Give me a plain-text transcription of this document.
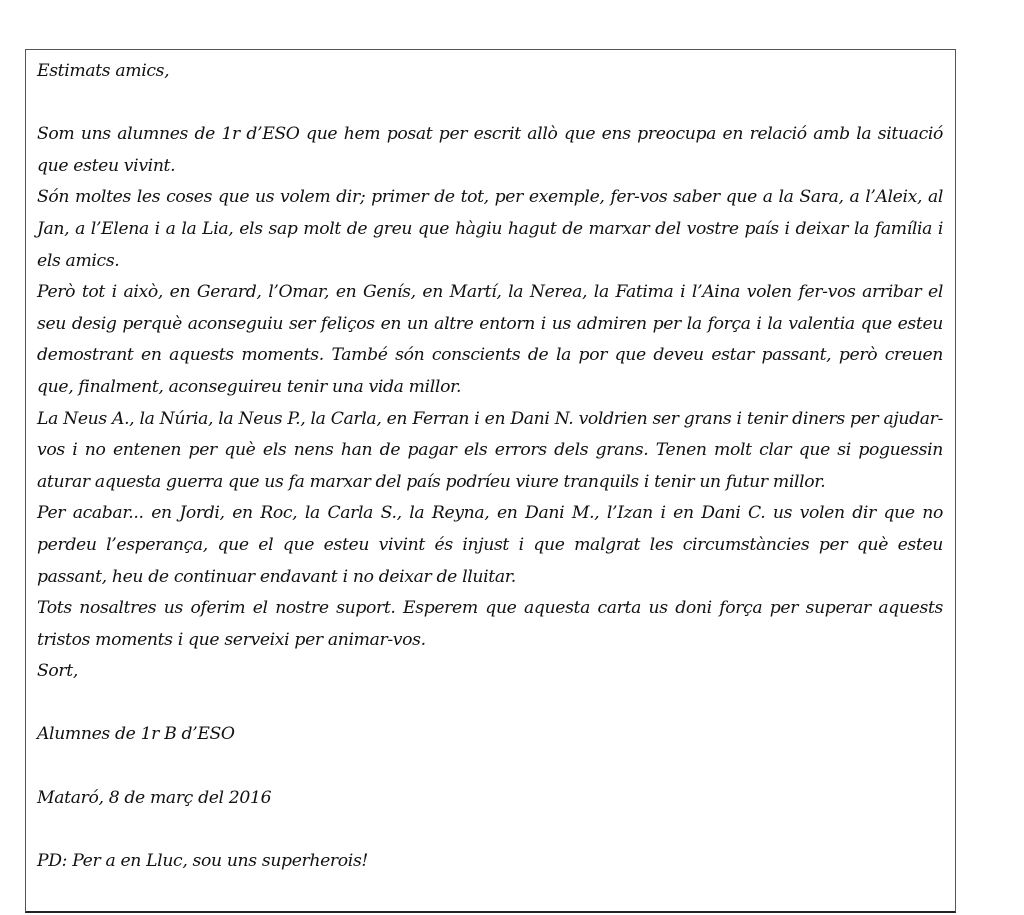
Estimats amics,

Som uns alumnes de 1r d’ESO que hem posat per escrit allò que ens preocupa en relació amb la situació que esteu vivint.

Són moltes les coses que us volem dir; primer de tot, per exemple, fer-vos saber que a la Sara, a l’Aleix, al Jan, a l’Elena i a la Lia, els sap molt de greu que hàgiu hagut de marxar del vostre país i deixar la família i els amics.

Però tot i això, en Gerard, l’Omar, en Genís, en Martí, la Nerea, la Fatima i l’Aina volen fer-vos arribar el seu desig perquè aconseguiu ser feliços en un altre entorn i us admiren per la força i la valentia que esteu demostrant en aquests moments. També són conscients de la por que deveu estar passant, però creuen que, finalment, aconseguireu tenir una vida millor.

La Neus A., la Núria, la Neus P., la Carla, en Ferran i en Dani N. voldrien ser grans i tenir diners per ajudar-vos i no entenen per què els nens han de pagar els errors dels grans. Tenen molt clar que si poguessin aturar aquesta guerra que us fa marxar del país podríeu viure tranquils i tenir un futur millor.

Per acabar... en Jordi, en Roc, la Carla S., la Reyna, en Dani M., l’Izan i en Dani C. us volen dir que no perdeu l’esperança, que el que esteu vivint és injust i que malgrat les circumstàncies per què esteu passant, heu de continuar endavant i no deixar de lluitar.

Tots nosaltres us oferim el nostre suport. Esperem que aquesta carta us doni força per superar aquests tristos moments i que serveixi per animar-vos.

Sort,

Alumnes de 1r B d’ESO

Mataró, 8 de març del 2016

PD: Per a en Lluc, sou uns superherois!
